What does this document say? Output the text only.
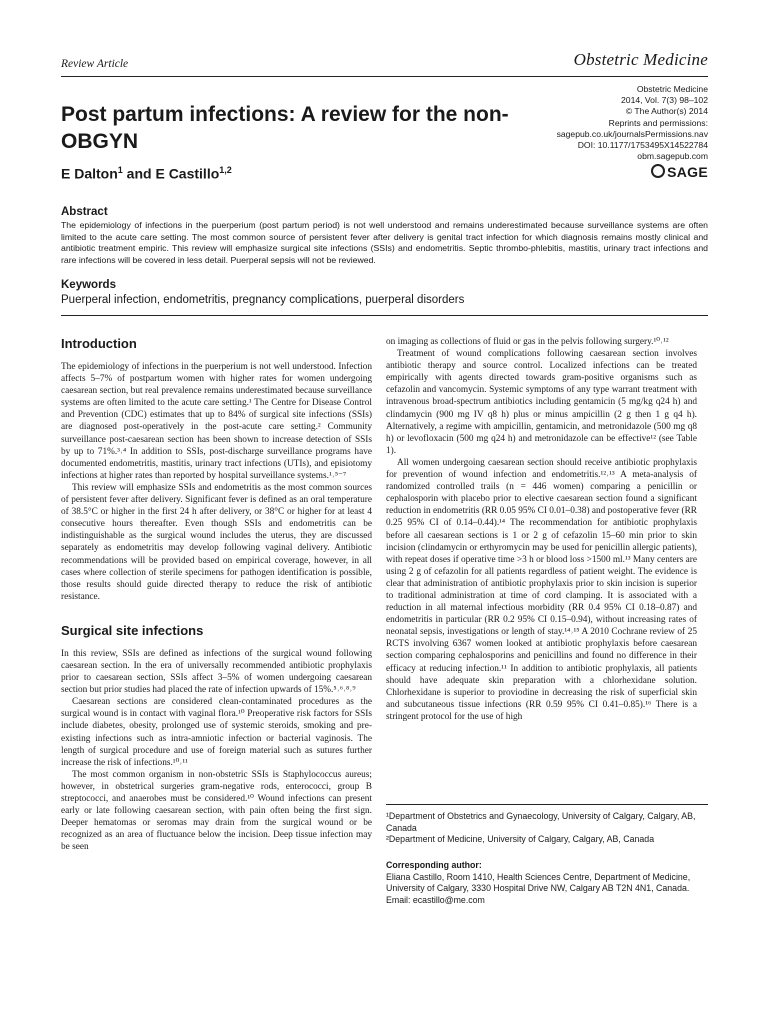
Review Article	Obstetric Medicine
Post partum infections: A review for the non-OBGYN
E Dalton$^1$ and E Castillo$^{1,2}$
Obstetric Medicine
2014, Vol. 7(3) 98–102
© The Author(s) 2014
Reprints and permissions:
sagepub.co.uk/journalsPermissions.nav
DOI: 10.1177/1753495X14522784
obm.sagepub.com
SAGE
Abstract
The epidemiology of infections in the puerperium (post partum period) is not well understood and remains underestimated because surveillance systems are often limited to the acute care setting. The most common source of persistent fever after delivery is genital tract infection for which diagnosis remains mostly clinical and antibiotic treatment empiric. This review will emphasize surgical site infections (SSIs) and endometritis. Septic thrombo-phlebitis, mastitis, urinary tract infections and rare infections will be covered in less detail. Puerperal sepsis will not be reviewed.
Keywords
Puerperal infection, endometritis, pregnancy complications, puerperal disorders

Introduction

The epidemiology of infections in the puerperium is not well understood. Infection affects 5–7% of postpartum women with higher rates for women undergoing caesarean section, but real prevalence remains underestimated because surveillance systems are often limited to the acute care setting.¹ The Centre for Disease Control and Prevention (CDC) estimates that up to 84% of surgical site infections (SSIs) are diagnosed post-operatively in the post-acute care setting.² Community surveillance post-caesarean section has been shown to increase detection of SSIs by up to 71%.³˒⁴ In addition to SSIs, post-discharge surveillance programs have documented endometritis, mastitis, urinary tract infections (UTIs), and episiotomy infections at higher rates than reported by hospital surveillance systems.¹˒⁵⁻⁷

This review will emphasize SSIs and endometritis as the most common sources of persistent fever after delivery. Significant fever is defined as an oral temperature of 38.5°C or higher in the first 24 h after delivery, or 38°C or higher for at least 4 consecutive hours thereafter. Even though SSIs and endometritis can be indistinguishable as the surgical wound includes the uterus, they are discussed separately as endometritis may develop following vaginal delivery. Antibiotic recommendations will be provided based on empirical coverage, however, in all cases where collection of sterile specimens for pathogen identification is possible, those results should guide directed therapy to reduce the risk of antibiotic resistance.

Surgical site infections

In this review, SSIs are defined as infections of the surgical wound following caesarean section. In the era of universally recommended antibiotic prophylaxis prior to caesarean section, SSIs affect 3–5% of women undergoing caesarean section but prior studies had placed the rate of infection upwards of 15%.⁵˒⁶˒⁸˒⁹

Caesarean sections are considered clean-contaminated procedures as the surgical wound is in contact with vaginal flora.¹⁰ Preoperative risk factors for SSIs include diabetes, obesity, prolonged use of systemic steroids, smoking and pre-existing infections such as intra-amniotic infection or bacterial vaginosis. The length of surgical procedure and use of foreign material such as sutures further increase the risk of infections.¹⁰˒¹¹

The most common organism in non-obstetric SSIs is Staphylococcus aureus; however, in obstetrical surgeries gram-negative rods, enterococci, group B streptococci, and anaerobes must be considered.¹⁰ Wound infections can present early or late following caesarean section, with pain often being the first sign. Deeper hematomas or seromas may drain from the surgical wound or be recognized as an area of fluctuance below the incision. Deep tissue infection may be seen

on imaging as collections of fluid or gas in the pelvis following surgery.¹⁰˒¹²

Treatment of wound complications following caesarean section involves antibiotic therapy and source control. Localized infections can be treated empirically with agents directed towards gram-positive organisms such as cefazolin and vancomycin. Systemic symptoms of any type warrant treatment with intravenous broad-spectrum antibiotics including gentamicin (5 mg/kg q24 h) and clindamycin (900 mg IV q8 h) plus or minus ampicillin (2 g then 1 g q4 h). Alternatively, a regime with ampicillin, gentamicin, and metronidazole (500 mg q8 h) or levofloxacin (500 mg q24 h) and metronidazole can be effective¹² (see Table 1).

All women undergoing caesarean section should receive antibiotic prophylaxis for prevention of wound infection and endometritis.¹²˒¹³ A meta-analysis of randomized controlled trails (n = 446 women) comparing a penicillin or cephalosporin with placebo prior to elective caesarean section found a significant reduction in endometritis (RR 0.05 95% CI 0.01–0.38) and postoperative fever (RR 0.25 95% CI of 0.14–0.44).¹⁴ The recommendation for antibiotic prophylaxis before all caesarean sections is 1 or 2 g of cefazolin 15–60 min prior to skin incision (clindamycin or erthyromycin may be used for penicillin allergic patients), with repeat doses if operative time >3 h or blood loss >1500 ml.¹³ Many centers are using 2 g of cefazolin for all patients regardless of patient weight. The evidence is clear that administration of antibiotic prophylaxis prior to skin incision is superior to traditional administration at time of cord clamping. It is associated with a reduction in all maternal infectious morbidity (RR 0.4 95% CI 0.18–0.87) and endometritis in particular (RR 0.2 95% CI 0.15–0.94), without increasing rates of neonatal sepsis, investigations or length of stay.¹⁴˒¹⁵ A 2010 Cochrane review of 25 RCTS involving 6367 women looked at antibiotic prophylaxis before caesarean section comparing cephalosporins and penicillins and found no difference in their efficacy at reducing infection.¹¹ In addition to antibiotic prophylaxis, all patients should have adequate skin preparation with a chlorhexidane solution. Chlorhexidane is superior to proviodine in decreasing the risk of superficial skin and subcutaneous tissue infections (RR 0.59 95% CI 0.41–0.85).¹⁶ There is a stringent protocol for the use of high

¹Department of Obstetrics and Gynaecology, University of Calgary, Calgary, AB, Canada

²Department of Medicine, University of Calgary, Calgary, AB, Canada

Corresponding author:
Eliana Castillo, Room 1410, Health Sciences Centre, Department of Medicine, University of Calgary, 3330 Hospital Drive NW, Calgary AB T2N 4N1, Canada.
Email: ecastillo@me.com
